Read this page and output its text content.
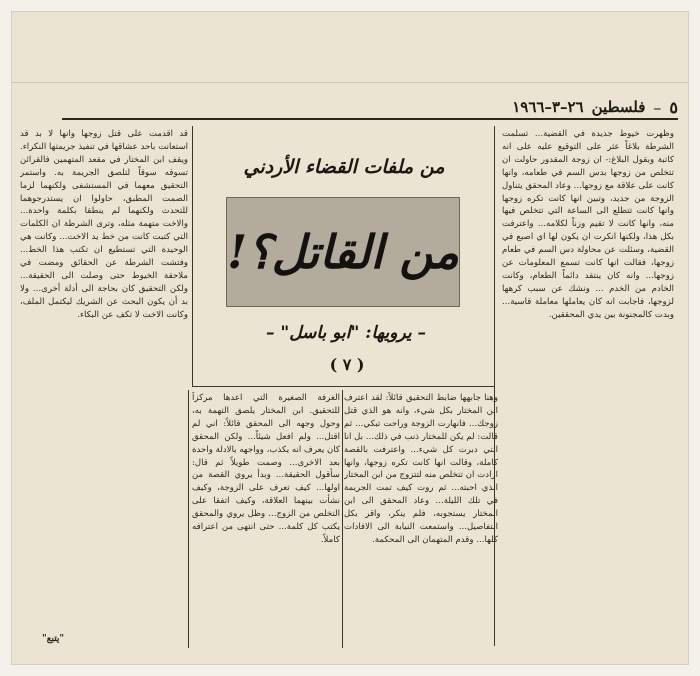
٥
–
فلسطين
٢٦–٣–١٩٦٦

وظهرت خيوط جديدة في القضية... تسلمت الشرطة بلاغاً عثر على التوقيع عليه على انه كاتبة وبقول البلاغ:- ان زوجة المقدور حاولت ان تتخلص من زوجها بدس السم في طعامه، وانها كانت على علاقة مع زوجها... وعاد المحقق يتناول الزوجة من جديد، وتبين انها كانت تكره زوجها وانها كانت تتطلع الى الساعة التي تتخلص فيها منه، وانها كانت لا تقيم وزناً لكلامه... واعترفت بكل هذا، ولكنها انكرت ان يكون لها اي اصبع في القضية، وسئلت عن محاولة دس السم في طعام زوجها، فقالت انها كانت تسمع المعلومات عن زوجها... وانه كان ينتقد دائماً الطعام، وكانت الخادم من الخدم ... ونشك عن سبب كرهها لزوجها، فاجابت انه كان يعاملها معاملة قاسية... وبدت كالمجنونة بين يدي المحققين.

قد اقدمت على قتل زوجها وانها لا بد قد استعانت باحد عشاقها في تنفيذ جريمتها النكراء. ويقف ابن المختار في مقعد المتهمين فالقرائن تسوقه سوقاً لتلصق الجريمة به. واستمر التحقيق معهما في المستشفى ولكنهما لزما الصمت المطبق، حاولوا ان يستدرجوهما للتحدث ولكنهما لم ينطقا بكلمة واحدة... والاخت متهمة مثله، وترى الشرطة ان الكلمات التي كتبت كانت من خط يد الاخت... وكانت هي الوحيدة التي تستطيع ان تكتب هذا الخط... وفتشت الشرطة عن الحقائق ومضت في ملاحقة الخيوط حتى وصلت الى الحقيقة... ولكن التحقيق كان بحاجة الى أدلة أخرى... ولا بد أن يكون البحث عن الشريك ليكتمل الملف، وكانت الاخت لا تكف عن البكاء.

من ملفات القضاء الأردني
من القاتل؟!
– يرويها: "ابو باسل" –
( ٧ )

وهنا جابهها ضابط التحقيق قائلاً: لقد اعترف ابن المختار بكل شيء، وانه هو الذي قتل زوجك... فانهارت الزوجة وراحت تبكي... ثم قالت: لم يكن للمختار ذنب في ذلك... بل انا التي دبرت كل شيء... واعترفت بالقصة كاملة، وقالت انها كانت تكره زوجها، وانها ارادت ان تتخلص منه لتتزوج من ابن المختار الذي احبته... ثم روت كيف تمت الجريمة في تلك الليلة... وعاد المحقق الى ابن المختار يستجوبه، فلم ينكر، واقر بكل التفاصيل... واستمعت النيابة الى الافادات كلها... وقدم المتهمان الى المحكمة.

الغرفة الصغيرة التي اعدها مركزاً للتحقيق. ابن المختار يلصق التهمة به، وحول وجهه الى المحقق قائلاً: اني لم اقتل... ولم افعل شيئاً... ولكن المحقق كان يعرف انه يكذب، وواجهه بالادلة واحدة بعد الاخرى... وصمت طويلاً ثم قال: سأقول الحقيقة... وبدأ يروي القصة من اولها... كيف تعرف على الزوجة، وكيف نشأت بينهما العلاقة، وكيف اتفقا على التخلص من الزوج... وظل يروي والمحقق يكتب كل كلمة... حتى انتهى من اعترافه كاملاً.

"يتبع"
